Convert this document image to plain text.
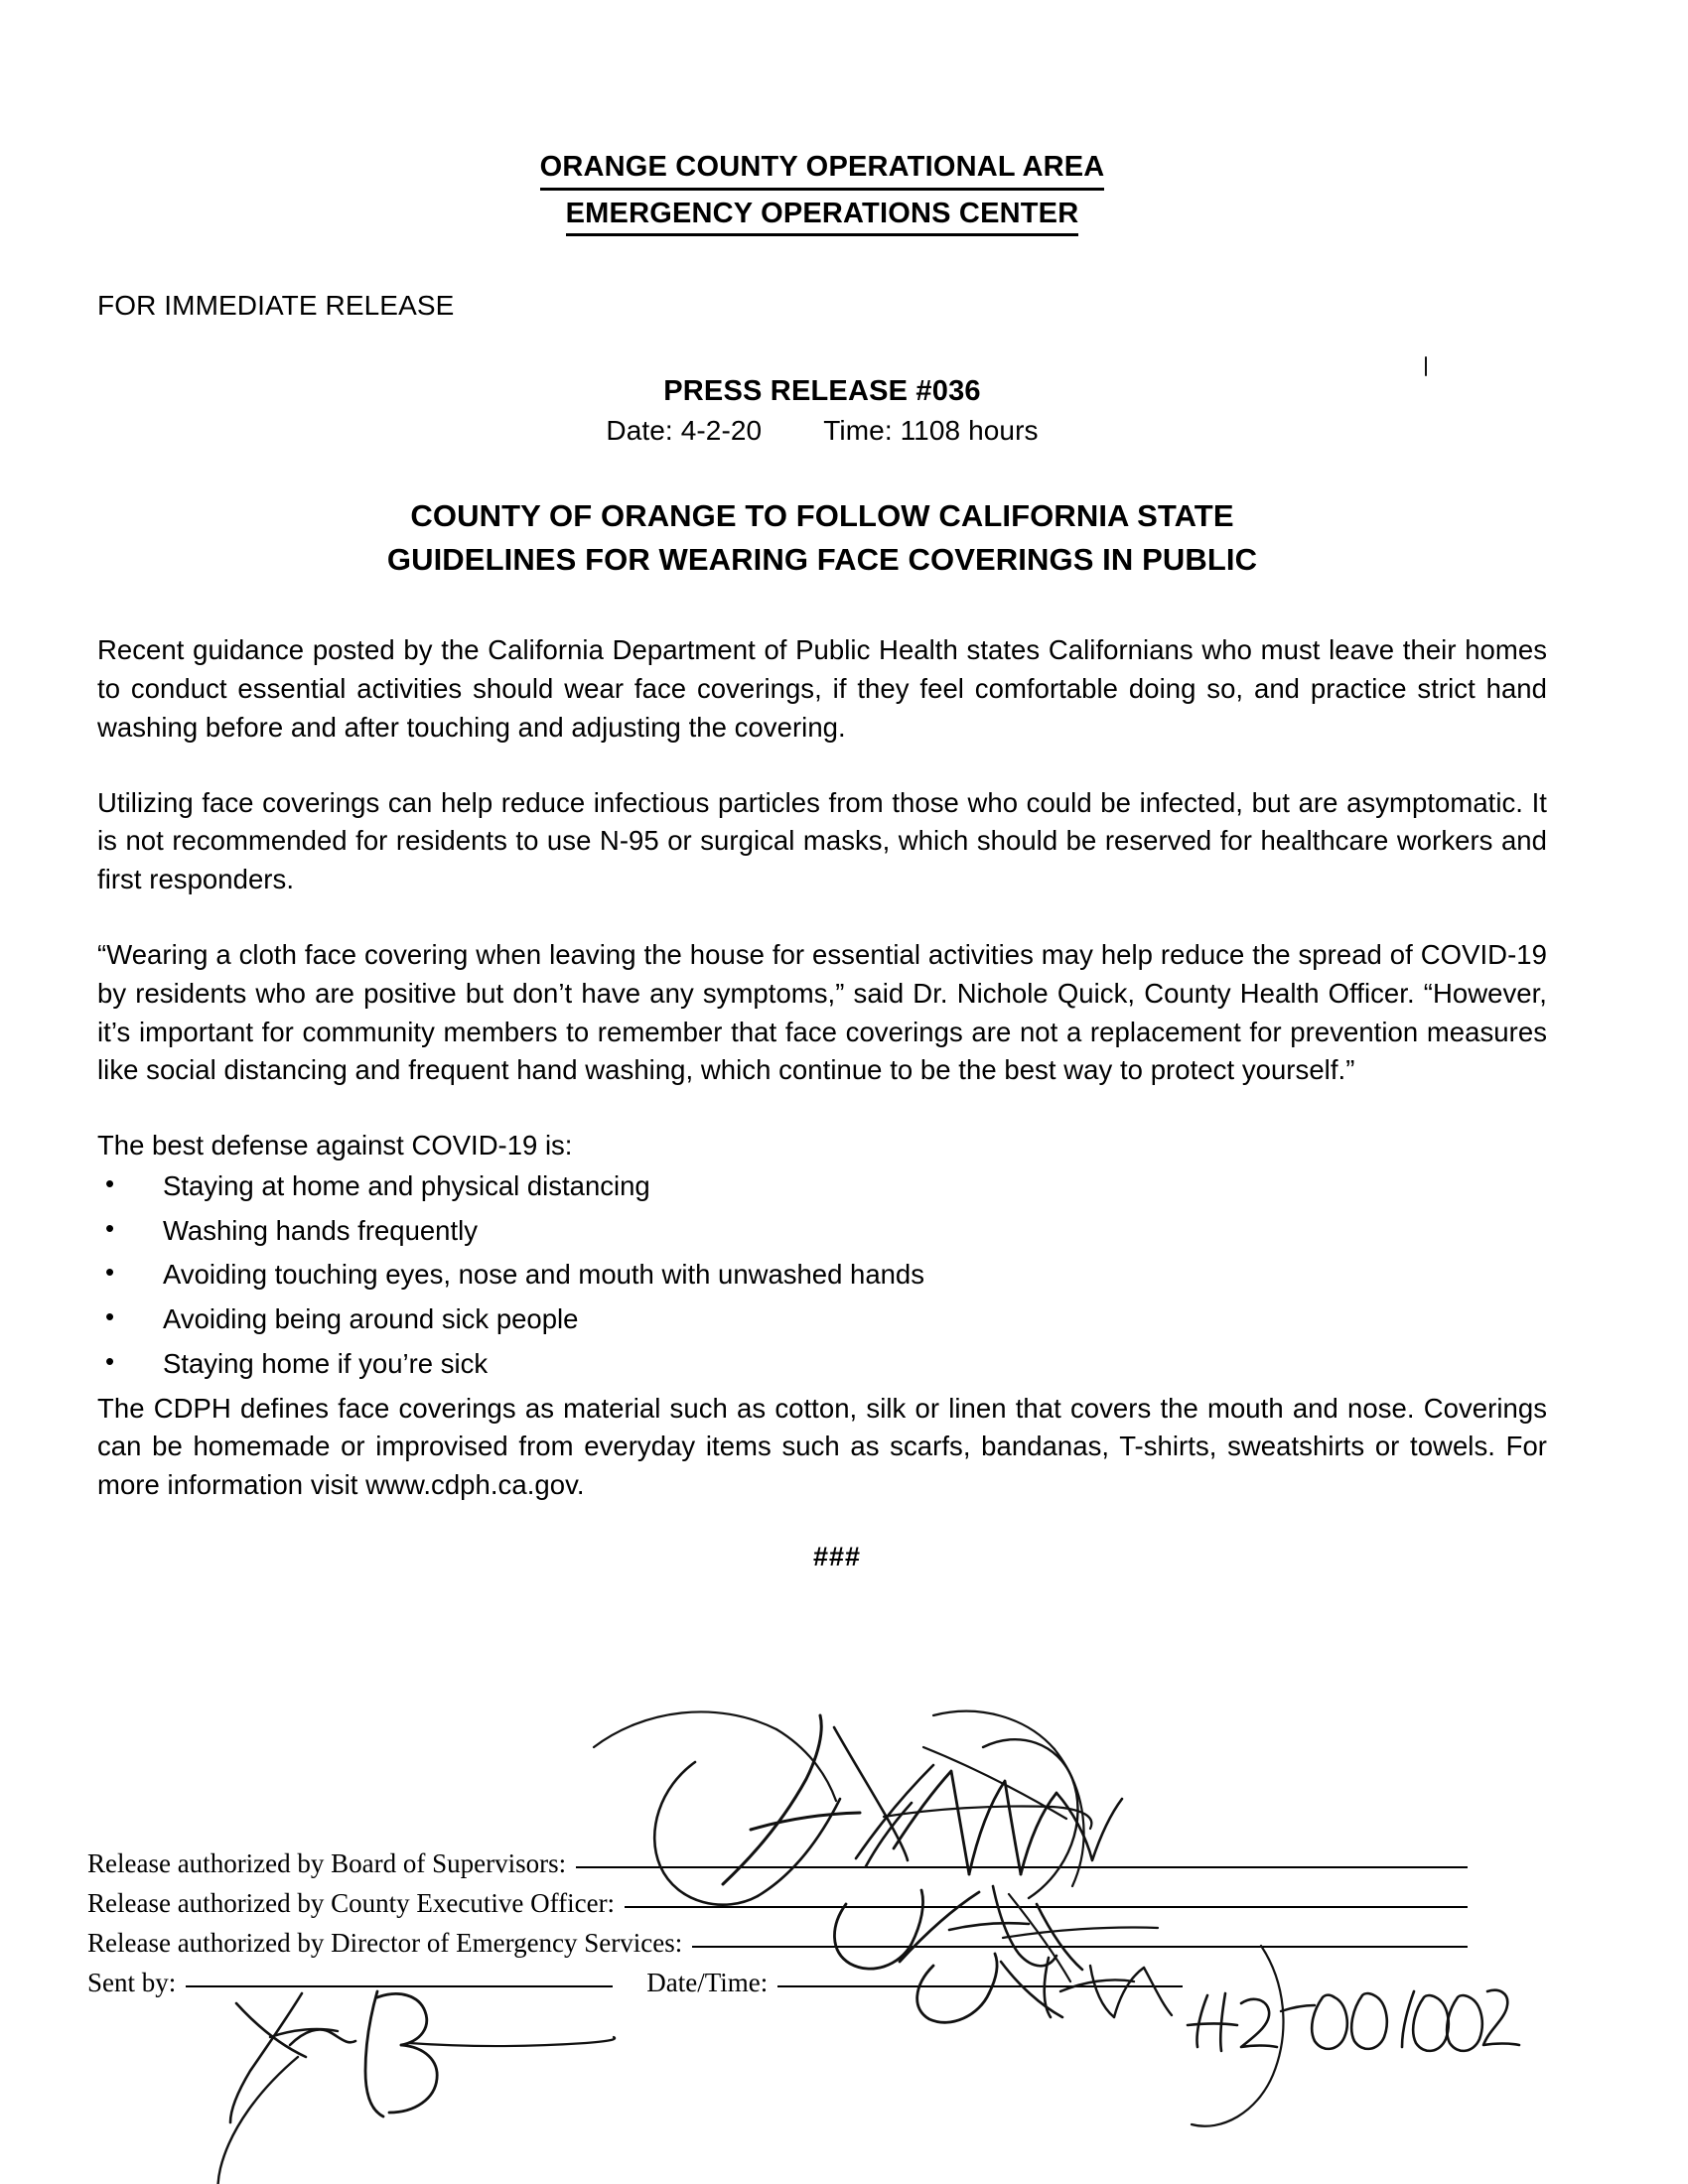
ORANGE COUNTY OPERATIONAL AREA
EMERGENCY OPERATIONS CENTER
FOR IMMEDIATE RELEASE
PRESS RELEASE #036
Date: 4-2-20 Time: 1108 hours
COUNTY OF ORANGE TO FOLLOW CALIFORNIA STATE
GUIDELINES FOR WEARING FACE COVERINGS IN PUBLIC

Recent guidance posted by the California Department of Public Health states Californians who must leave their homes to conduct essential activities should wear face coverings, if they feel comfortable doing so, and practice strict hand washing before and after touching and adjusting the covering.

Utilizing face coverings can help reduce infectious particles from those who could be infected, but are asymptomatic. It is not recommended for residents to use N-95 or surgical masks, which should be reserved for healthcare workers and first responders.

“Wearing a cloth face covering when leaving the house for essential activities may help reduce the spread of COVID-19 by residents who are positive but don’t have any symptoms,” said Dr. Nichole Quick, County Health Officer. “However, it’s important for community members to remember that face coverings are not a replacement for prevention measures like social distancing and frequent hand washing, which continue to be the best way to protect yourself.”

The best defense against COVID-19 is:
• Staying at home and physical distancing
• Washing hands frequently
• Avoiding touching eyes, nose and mouth with unwashed hands
• Avoiding being around sick people
• Staying home if you’re sick

The CDPH defines face coverings as material such as cotton, silk or linen that covers the mouth and nose. Coverings can be homemade or improvised from everyday items such as scarfs, bandanas, T-shirts, sweatshirts or towels. For more information visit www.cdph.ca.gov.

###
Release authorized by Board of Supervisors:
Release authorized by County Executive Officer:
Release authorized by Director of Emergency Services:
Sent by:	Date/Time:
